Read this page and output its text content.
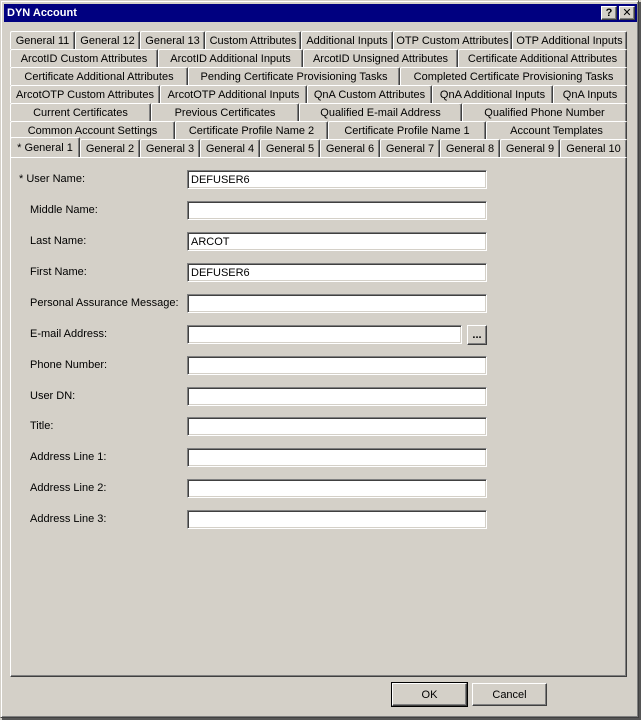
DYN Account	? ✕
General 11 General 12 General 13 Custom Attributes Additional Inputs OTP Custom Attributes OTP Additional Inputs
ArcotID Custom Attributes	ArcotID Additional Inputs	ArcotID Unsigned Attributes	Certificate Additional Attributes
Certificate Additional Attributes	Pending Certificate Provisioning Tasks	Completed Certificate Provisioning Tasks
ArcotOTP Custom Attributes	ArcotOTP Additional Inputs	QnA Custom Attributes	QnA Additional Inputs	QnA Inputs
Current Certificates	Previous Certificates	Qualified E-mail Address	Qualified Phone Number
Common Account Settings	Certificate Profile Name 2	Certificate Profile Name 1	Account Templates
* General 1	General 2	General 3	General 4	General 5	General 6	General 7	General 8	General 9	General 10
* User Name:
DEFUSER6
Middle Name:
Last Name:
ARCOT
First Name:
DEFUSER6
Personal Assurance Message:
E-mail Address:	...
Phone Number:
User DN:
Title:
Address Line 1:
Address Line 2:
Address Line 3:
OK	Cancel
